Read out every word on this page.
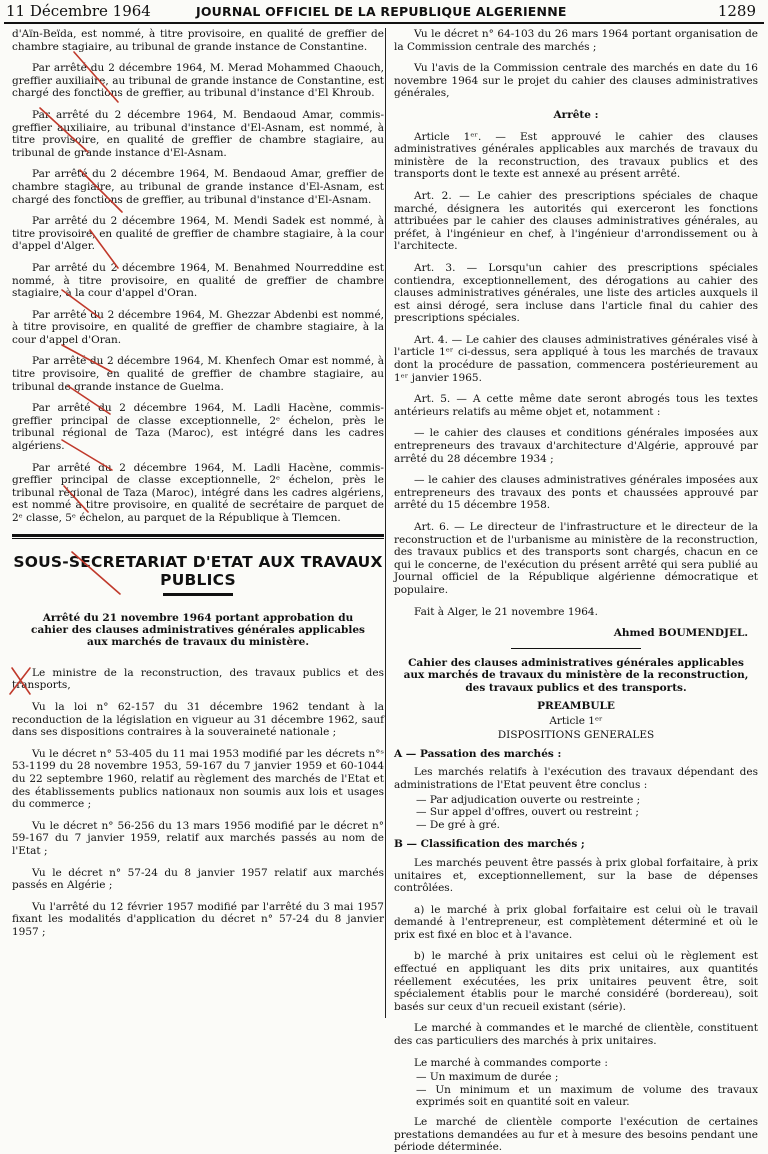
11 Décembre 1964	JOURNAL OFFICIEL DE LA REPUBLIQUE ALGERIENNE	1289

d'Aïn-Beïda, est nommé, à titre provisoire, en qualité de greffier de chambre stagiaire, au tribunal de grande instance de Constantine.

Par arrêté du 2 décembre 1964, M. Merad Mohammed Chaouch, greffier auxiliaire, au tribunal de grande instance de Constantine, est chargé des fonctions de greffier, au tribunal d'instance d'El Khroub.

Par arrêté du 2 décembre 1964, M. Bendaoud Amar, commis-greffier auxiliaire, au tribunal d'instance d'El-Asnam, est nommé, à titre provisoire, en qualité de greffier de chambre stagiaire, au tribunal de grande instance d'El-Asnam.

Par arrêté du 2 décembre 1964, M. Bendaoud Amar, greffier de chambre stagiaire, au tribunal de grande instance d'El-Asnam, est chargé des fonctions de greffier, au tribunal d'instance d'El-Asnam.

Par arrêté du 2 décembre 1964, M. Mendi Sadek est nommé, à titre provisoire, en qualité de greffier de chambre stagiaire, à la cour d'appel d'Alger.

Par arrêté du 2 décembre 1964, M. Benahmed Nourreddine est nommé, à titre provisoire, en qualité de greffier de chambre stagiaire, à la cour d'appel d'Oran.

Par arrêté du 2 décembre 1964, M. Ghezzar Abdenbi est nommé, à titre provisoire, en qualité de greffier de chambre stagiaire, à la cour d'appel d'Oran.

Par arrêté du 2 décembre 1964, M. Khenfech Omar est nommé, à titre provisoire, en qualité de greffier de chambre stagiaire, au tribunal de grande instance de Guelma.

Par arrêté du 2 décembre 1964, M. Ladli Hacène, commis-greffier principal de classe exceptionnelle, 2ᵉ échelon, près le tribunal régional de Taza (Maroc), est intégré dans les cadres algériens.

Par arrêté du 2 décembre 1964, M. Ladli Hacène, commis-greffier principal de classe exceptionnelle, 2ᵉ échelon, près le tribunal régional de Taza (Maroc), intégré dans les cadres algériens, est nommé à titre provisoire, en qualité de secrétaire de parquet de 2ᵉ classe, 5ᵉ échelon, au parquet de la République à Tlemcen.

SOUS-SECRETARIAT D'ETAT AUX TRAVAUX PUBLICS
Arrêté du 21 novembre 1964 portant approbation du cahier des clauses administratives générales applicables aux marchés de travaux du ministère.

Le ministre de la reconstruction, des travaux publics et des transports,

Vu la loi n° 62-157 du 31 décembre 1962 tendant à la reconduction de la législation en vigueur au 31 décembre 1962, sauf dans ses dispositions contraires à la souveraineté nationale ;

Vu le décret n° 53-405 du 11 mai 1953 modifié par les décrets n°ˢ 53-1199 du 28 novembre 1953, 59-167 du 7 janvier 1959 et 60-1044 du 22 septembre 1960, relatif au règlement des marchés de l'Etat et des établissements publics nationaux non soumis aux lois et usages du commerce ;

Vu le décret n° 56-256 du 13 mars 1956 modifié par le décret n° 59-167 du 7 janvier 1959, relatif aux marchés passés au nom de l'Etat ;

Vu le décret n° 57-24 du 8 janvier 1957 relatif aux marchés passés en Algérie ;

Vu l'arrêté du 12 février 1957 modifié par l'arrêté du 3 mai 1957 fixant les modalités d'application du décret n° 57-24 du 8 janvier 1957 ;

Vu le décret n° 64-103 du 26 mars 1964 portant organisation de la Commission centrale des marchés ;

Vu l'avis de la Commission centrale des marchés en date du 16 novembre 1964 sur le projet du cahier des clauses administratives générales,

Arrête :

Article 1ᵉʳ. — Est approuvé le cahier des clauses administratives générales applicables aux marchés de travaux du ministère de la reconstruction, des travaux publics et des transports dont le texte est annexé au présent arrêté.

Art. 2. — Le cahier des prescriptions spéciales de chaque marché, désignera les autorités qui exerceront les fonctions attribuées par le cahier des clauses administratives générales, au préfet, à l'ingénieur en chef, à l'ingénieur d'arrondissement ou à l'architecte.

Art. 3. — Lorsqu'un cahier des prescriptions spéciales contiendra, exceptionnellement, des dérogations au cahier des clauses administratives générales, une liste des articles auxquels il est ainsi dérogé, sera incluse dans l'article final du cahier des prescriptions spéciales.

Art. 4. — Le cahier des clauses administratives générales visé à l'article 1ᵉʳ ci-dessus, sera appliqué à tous les marchés de travaux dont la procédure de passation, commencera postérieurement au 1ᵉʳ janvier 1965.

Art. 5. — A cette même date seront abrogés tous les textes antérieurs relatifs au même objet et, notamment :

— le cahier des clauses et conditions générales imposées aux entrepreneurs des travaux d'architecture d'Algérie, approuvé par arrêté du 28 décembre 1934 ;

— le cahier des clauses administratives générales imposées aux entrepreneurs des travaux des ponts et chaussées approuvé par arrêté du 15 décembre 1958.

Art. 6. — Le directeur de l'infrastructure et le directeur de la reconstruction et de l'urbanisme au ministère de la reconstruction, des travaux publics et des transports sont chargés, chacun en ce qui le concerne, de l'exécution du présent arrêté qui sera publié au Journal officiel de la République algérienne démocratique et populaire.

Fait à Alger, le 21 novembre 1964.

Ahmed BOUMENDJEL.

Cahier des clauses administratives générales applicables aux marchés de travaux du ministère de la reconstruction, des travaux publics et des transports.

PREAMBULE

Article 1ᵉʳ

DISPOSITIONS GENERALES

A — Passation des marchés :

Les marchés relatifs à l'exécution des travaux dépendant des administrations de l'Etat peuvent être conclus :

— Par adjudication ouverte ou restreinte ;

— Sur appel d'offres, ouvert ou restreint ;

— De gré à gré.

B — Classification des marchés ;

Les marchés peuvent être passés à prix global forfaitaire, à prix unitaires et, exceptionnellement, sur la base de dépenses contrôlées.

a) le marché à prix global forfaitaire est celui où le travail demandé à l'entrepreneur, est complètement déterminé et où le prix est fixé en bloc et à l'avance.

b) le marché à prix unitaires est celui où le règlement est effectué en appliquant les dits prix unitaires, aux quantités réellement exécutées, les prix unitaires peuvent être, soit spécialement établis pour le marché considéré (bordereau), soit basés sur ceux d'un recueil existant (série).

Le marché à commandes et le marché de clientèle, constituent des cas particuliers des marchés à prix unitaires.

Le marché à commandes comporte :

— Un maximum de durée ;

— Un minimum et un maximum de volume des travaux exprimés soit en quantité soit en valeur.

Le marché de clientèle comporte l'exécution de certaines prestations demandées au fur et à mesure des besoins pendant une période déterminée.
